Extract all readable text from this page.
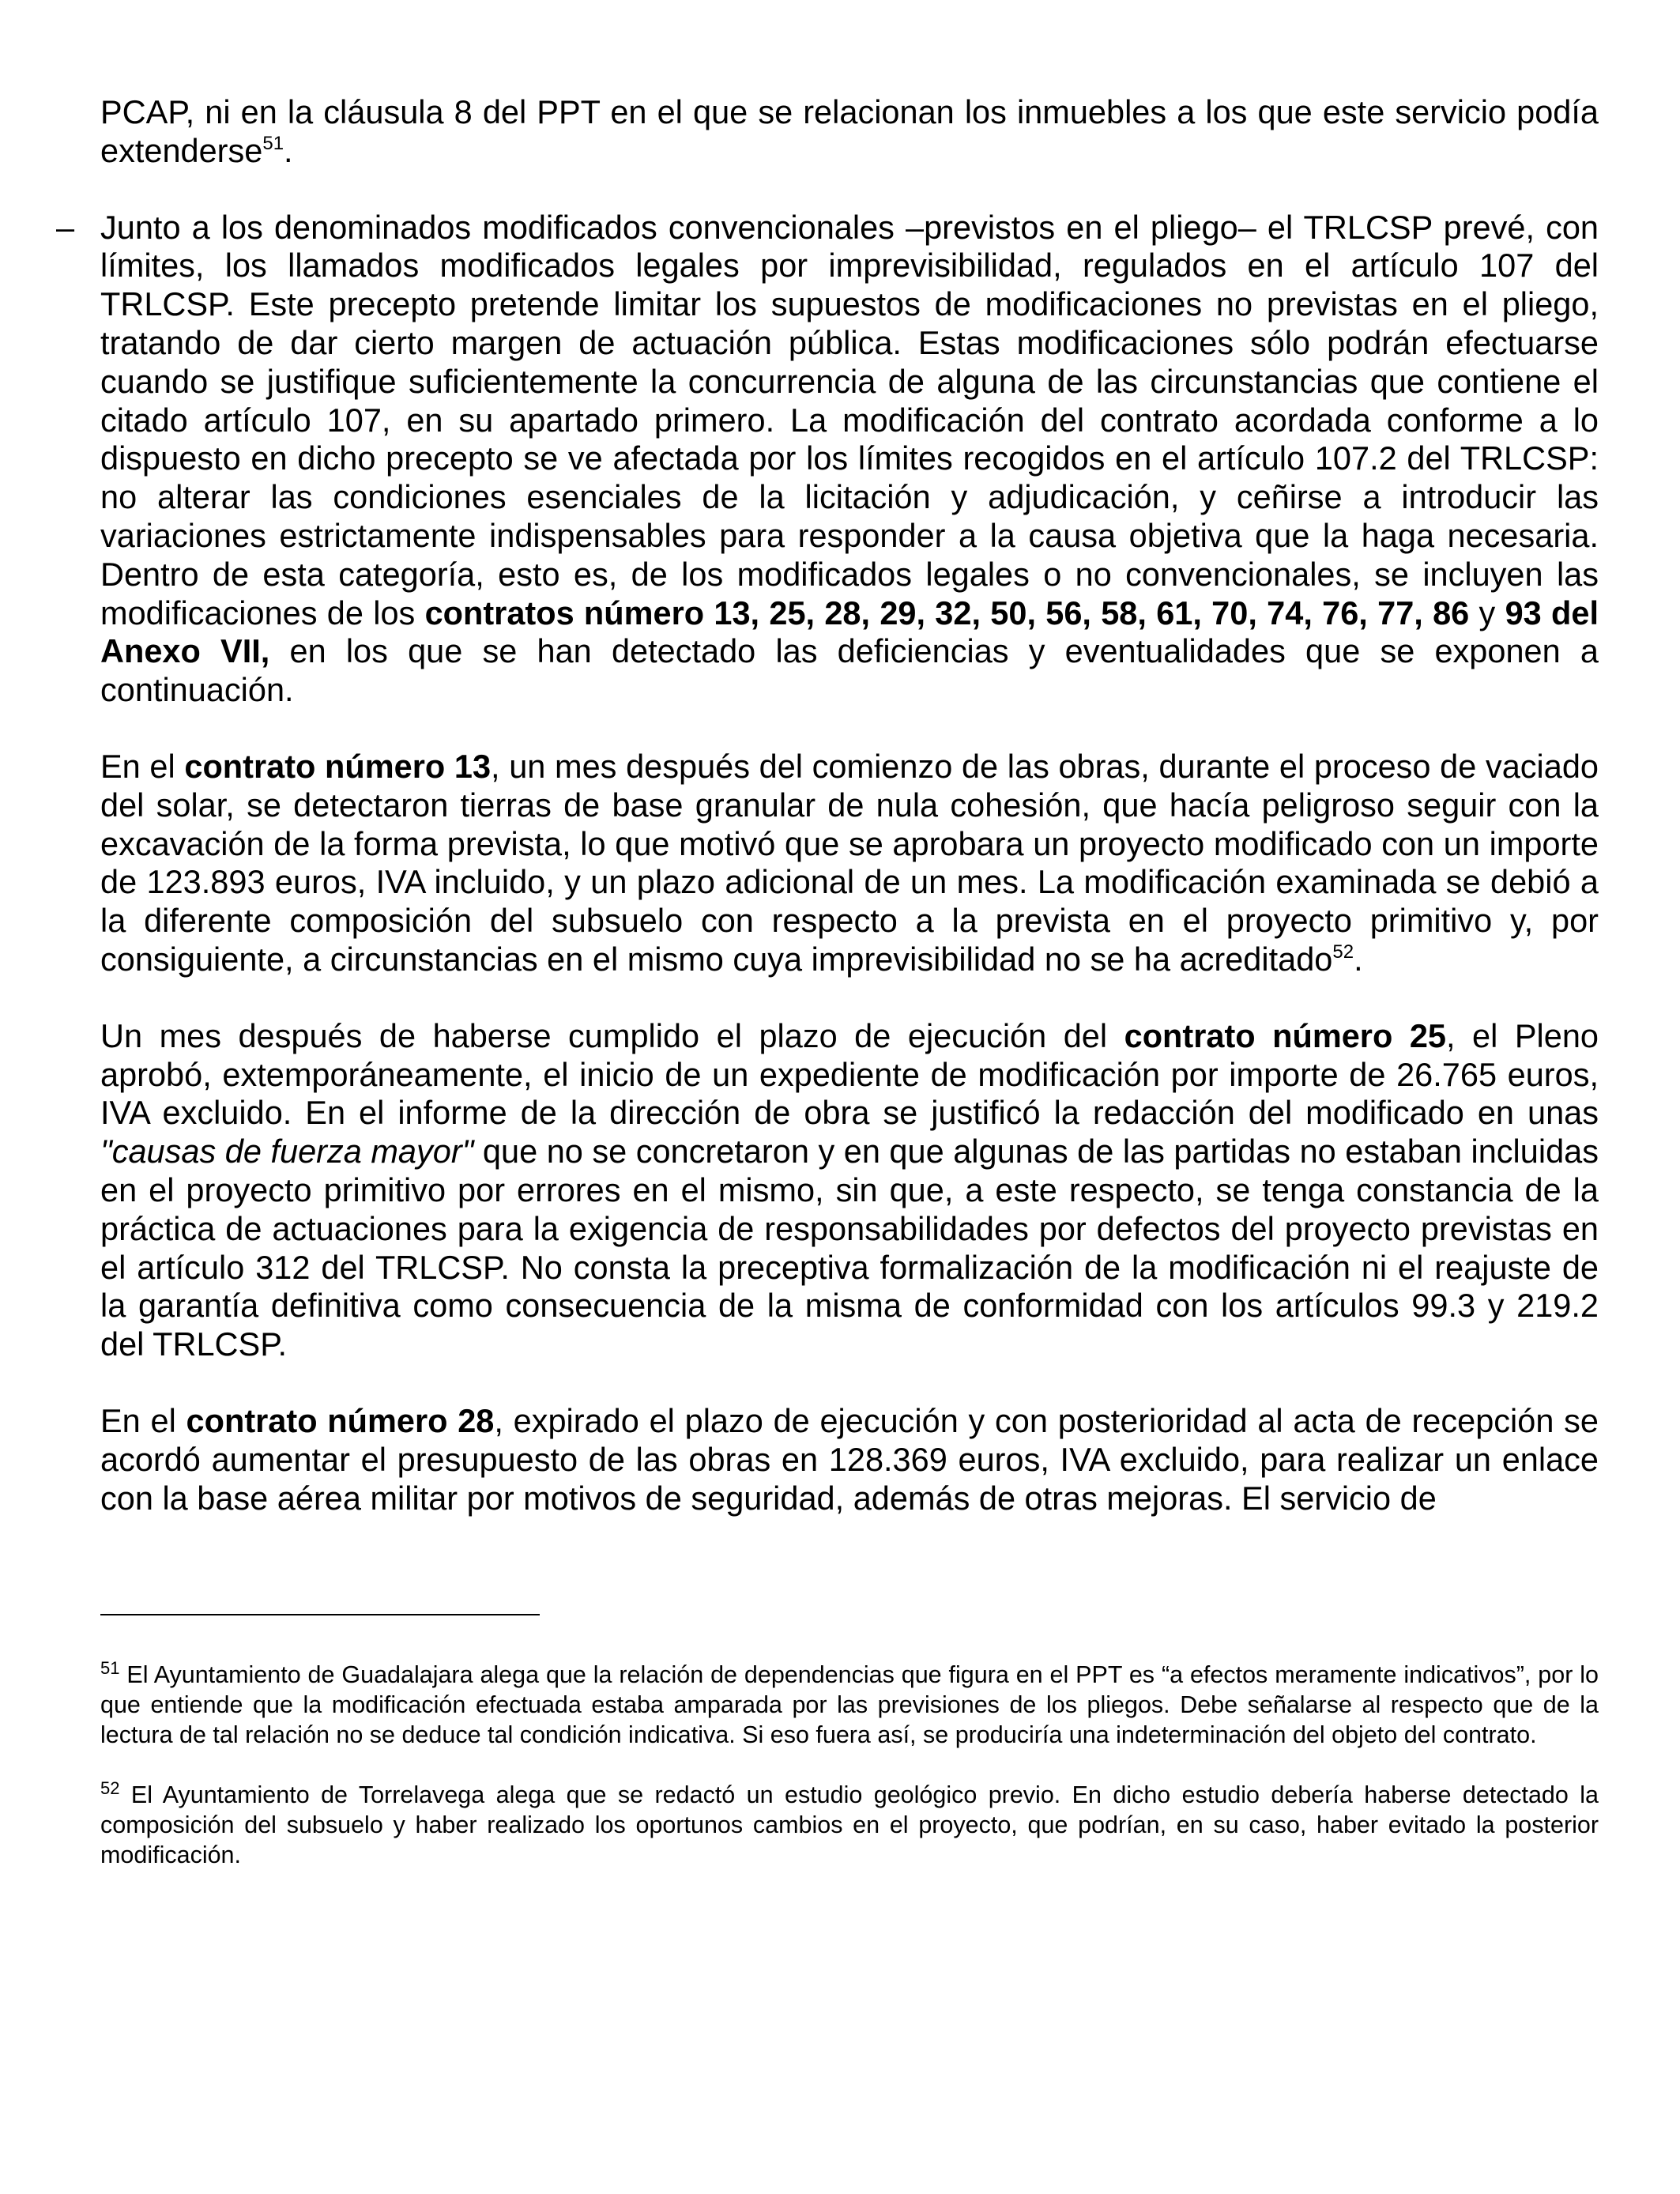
PCAP, ni en la cláusula 8 del PPT en el que se relacionan los inmuebles a los que este servicio podía extenderse$^{51}$.

– Junto a los denominados modificados convencionales –previstos en el pliego– el TRLCSP prevé, con límites, los llamados modificados legales por imprevisibilidad, regulados en el artículo 107 del TRLCSP. Este precepto pretende limitar los supuestos de modificaciones no previstas en el pliego, tratando de dar cierto margen de actuación pública. Estas modificaciones sólo podrán efectuarse cuando se justifique suficientemente la concurrencia de alguna de las circunstancias que contiene el citado artículo 107, en su apartado primero. La modificación del contrato acordada conforme a lo dispuesto en dicho precepto se ve afectada por los límites recogidos en el artículo 107.2 del TRLCSP: no alterar las condiciones esenciales de la licitación y adjudicación, y ceñirse a introducir las variaciones estrictamente indispensables para responder a la causa objetiva que la haga necesaria. Dentro de esta categoría, esto es, de los modificados legales o no convencionales, se incluyen las modificaciones de los contratos número 13, 25, 28, 29, 32, 50, 56, 58, 61, 70, 74, 76, 77, 86 y 93 del Anexo VII, en los que se han detectado las deficiencias y eventualidades que se exponen a continuación.

En el contrato número 13, un mes después del comienzo de las obras, durante el proceso de vaciado del solar, se detectaron tierras de base granular de nula cohesión, que hacía peligroso seguir con la excavación de la forma prevista, lo que motivó que se aprobara un proyecto modificado con un importe de 123.893 euros, IVA incluido, y un plazo adicional de un mes. La modificación examinada se debió a la diferente composición del subsuelo con respecto a la prevista en el proyecto primitivo y, por consiguiente, a circunstancias en el mismo cuya imprevisibilidad no se ha acreditado$^{52}$.

Un mes después de haberse cumplido el plazo de ejecución del contrato número 25, el Pleno aprobó, extemporáneamente, el inicio de un expediente de modificación por importe de 26.765 euros, IVA excluido. En el informe de la dirección de obra se justificó la redacción del modificado en unas "causas de fuerza mayor" que no se concretaron y en que algunas de las partidas no estaban incluidas en el proyecto primitivo por errores en el mismo, sin que, a este respecto, se tenga constancia de la práctica de actuaciones para la exigencia de responsabilidades por defectos del proyecto previstas en el artículo 312 del TRLCSP. No consta la preceptiva formalización de la modificación ni el reajuste de la garantía definitiva como consecuencia de la misma de conformidad con los artículos 99.3 y 219.2 del TRLCSP.

En el contrato número 28, expirado el plazo de ejecución y con posterioridad al acta de recepción se acordó aumentar el presupuesto de las obras en 128.369 euros, IVA excluido, para realizar un enlace con la base aérea militar por motivos de seguridad, además de otras mejoras. El servicio de

$^{51}$ El Ayuntamiento de Guadalajara alega que la relación de dependencias que figura en el PPT es “a efectos meramente indicativos”, por lo que entiende que la modificación efectuada estaba amparada por las previsiones de los pliegos. Debe señalarse al respecto que de la lectura de tal relación no se deduce tal condición indicativa. Si eso fuera así, se produciría una indeterminación del objeto del contrato.

$^{52}$ El Ayuntamiento de Torrelavega alega que se redactó un estudio geológico previo. En dicho estudio debería haberse detectado la composición del subsuelo y haber realizado los oportunos cambios en el proyecto, que podrían, en su caso, haber evitado la posterior modificación.
